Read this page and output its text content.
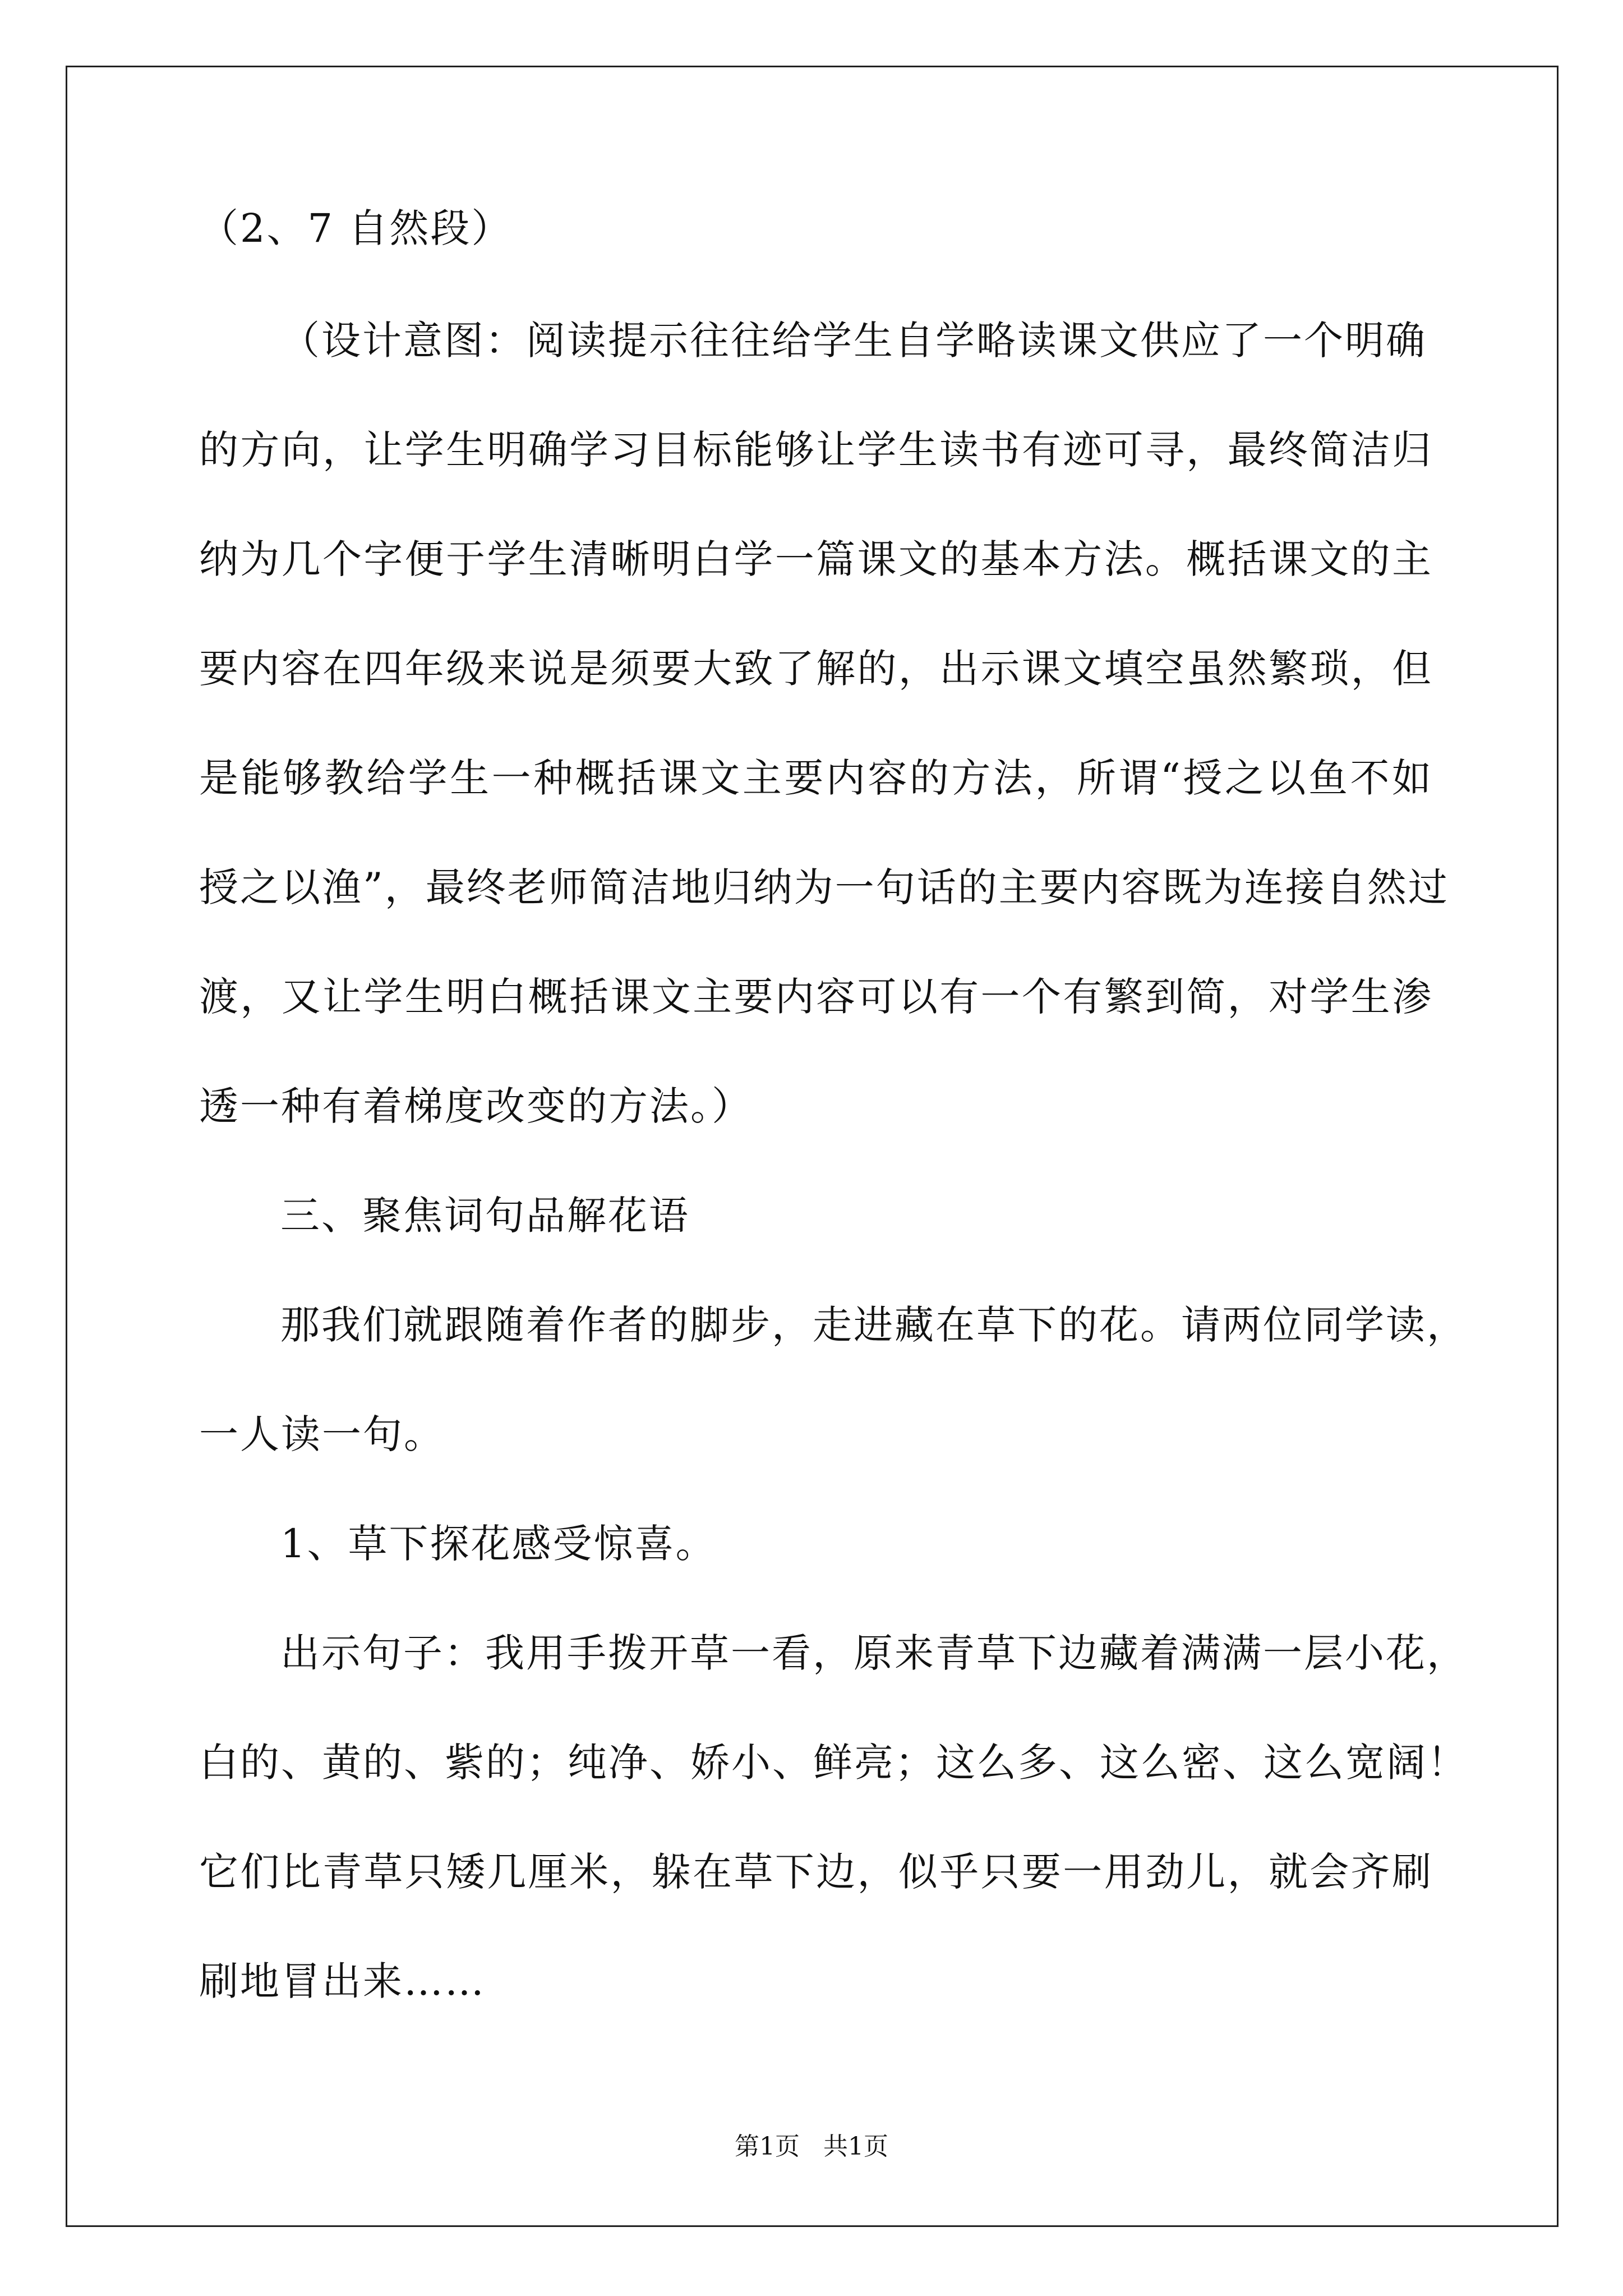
（2、7 自然段）
（设计意图：阅读提示往往给学生自学略读课文供应了一个明确
的方向，让学生明确学习目标能够让学生读书有迹可寻，最终简洁归
纳为几个字便于学生清晰明白学一篇课文的基本方法。概括课文的主
要内容在四年级来说是须要大致了解的，出示课文填空虽然繁琐，但
是能够教给学生一种概括课文主要内容的方法，所谓“授之以鱼不如
授之以渔”，最终老师简洁地归纳为一句话的主要内容既为连接自然过
渡，又让学生明白概括课文主要内容可以有一个有繁到简，对学生渗
透一种有着梯度改变的方法。）
三、聚焦词句品解花语
那我们就跟随着作者的脚步，走进藏在草下的花。请两位同学读，
一人读一句。
1、草下探花感受惊喜。
出示句子：我用手拨开草一看，原来青草下边藏着满满一层小花，
白的、黄的、紫的；纯净、娇小、鲜亮；这么多、这么密、这么宽阔！
它们比青草只矮几厘米，躲在草下边，似乎只要一用劲儿，就会齐刷
刷地冒出来……
第1页   共1页
